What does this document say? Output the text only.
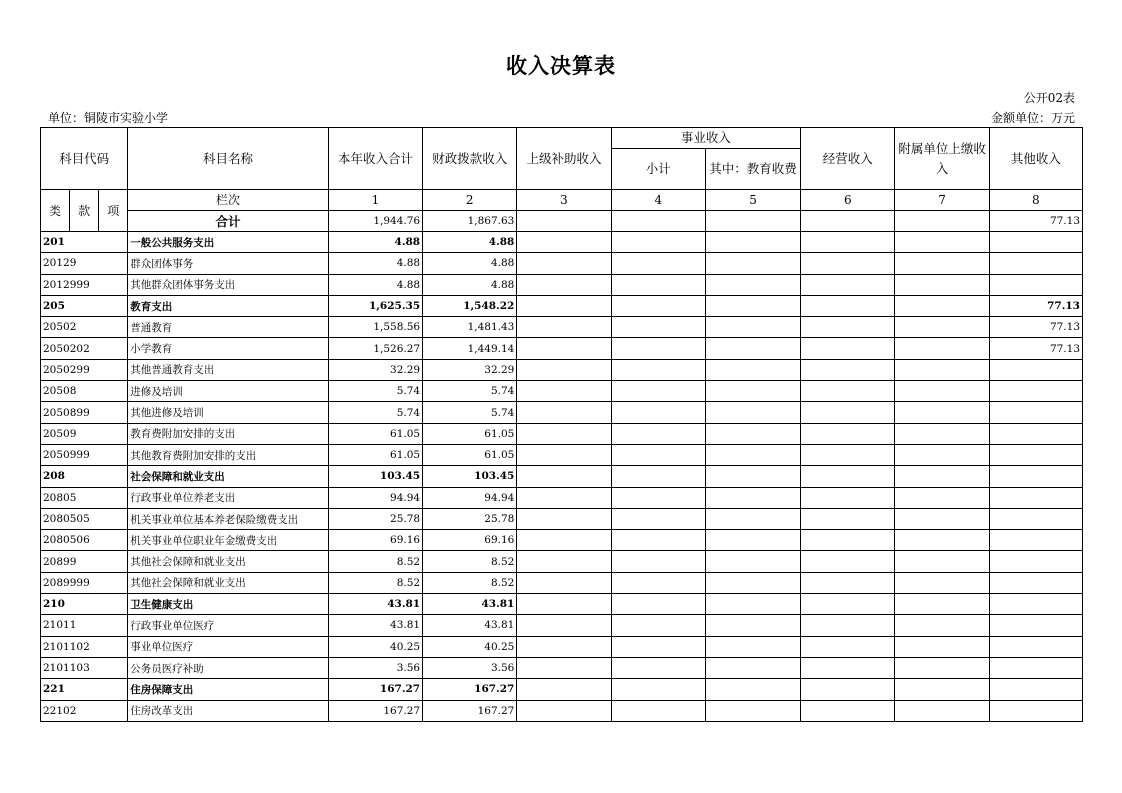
收入决算表
公开02表
单位：铜陵市实验小学	金额单位：万元
科目代码			科目名称	本年收入合计	财政拨款收入	上级补助收入	事业收入		经营收入	附属单位上缴收入	其他收入
							小计	其中：教育收费			
类	款	项	栏次	1	2	3	4	5	6	7	8
			合计	1,944.76	1,867.63						77.13
201			一般公共服务支出	4.88	4.88						
20129			群众团体事务	4.88	4.88						
2012999			其他群众团体事务支出	4.88	4.88						
205			教育支出	1,625.35	1,548.22						77.13
20502			普通教育	1,558.56	1,481.43						77.13
2050202			小学教育	1,526.27	1,449.14						77.13
2050299			其他普通教育支出	32.29	32.29						
20508			进修及培训	5.74	5.74						
2050899			其他进修及培训	5.74	5.74						
20509			教育费附加安排的支出	61.05	61.05						
2050999			其他教育费附加安排的支出	61.05	61.05						
208			社会保障和就业支出	103.45	103.45						
20805			行政事业单位养老支出	94.94	94.94						
2080505			机关事业单位基本养老保险缴费支出	25.78	25.78						
2080506			机关事业单位职业年金缴费支出	69.16	69.16						
20899			其他社会保障和就业支出	8.52	8.52						
2089999			其他社会保障和就业支出	8.52	8.52						
210			卫生健康支出	43.81	43.81						
21011			行政事业单位医疗	43.81	43.81						
2101102			事业单位医疗	40.25	40.25						
2101103			公务员医疗补助	3.56	3.56						
221			住房保障支出	167.27	167.27						
22102			住房改革支出	167.27	167.27						
